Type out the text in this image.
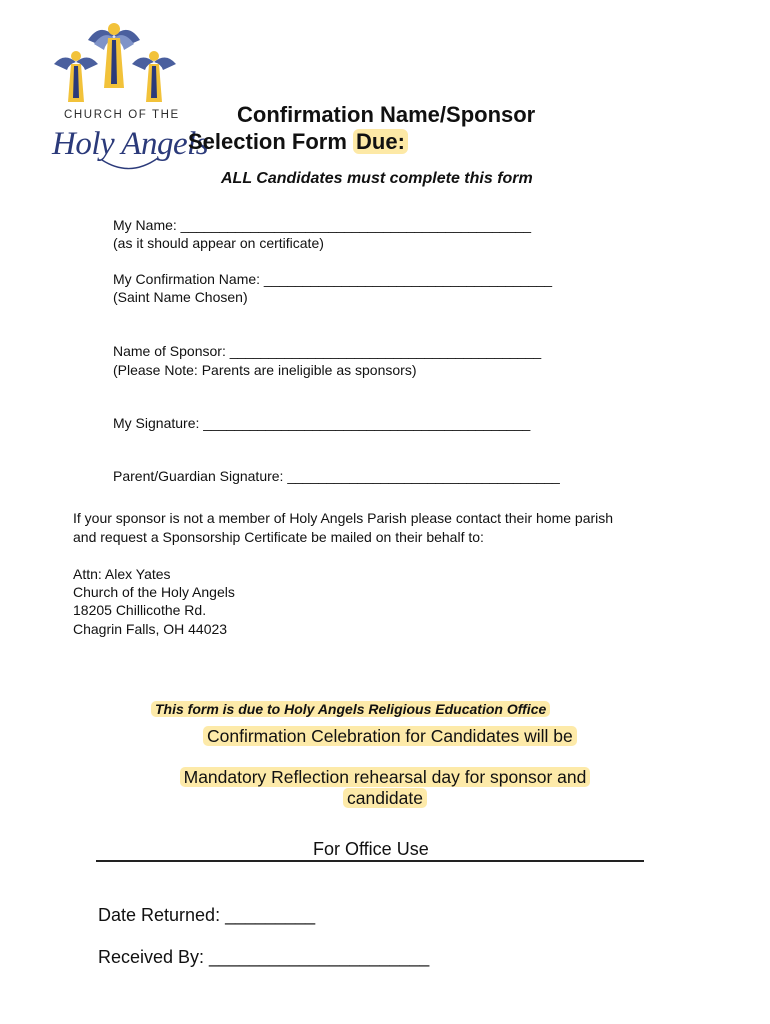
CHURCH OF THE
Holy Angels
Confirmation Name/Sponsor
Selection Form Due:
ALL Candidates must complete this form
My Name: _____________________________________________
(as it should appear on certificate)
My Confirmation Name: _____________________________________
(Saint Name Chosen)
Name of Sponsor: ________________________________________
(Please Note: Parents are ineligible as sponsors)
My Signature: __________________________________________
Parent/Guardian Signature: ___________________________________
If your sponsor is not a member of Holy Angels Parish please contact their home parish
and request a Sponsorship Certificate be mailed on their behalf to:
Attn: Alex Yates
Church of the Holy Angels
18205 Chillicothe Rd.
Chagrin Falls, OH 44023
This form is due to Holy Angels Religious Education Office
Confirmation Celebration for Candidates will be
Mandatory Reflection rehearsal day for sponsor and
candidate
For Office Use
Date Returned: _________
Received By: ______________________
